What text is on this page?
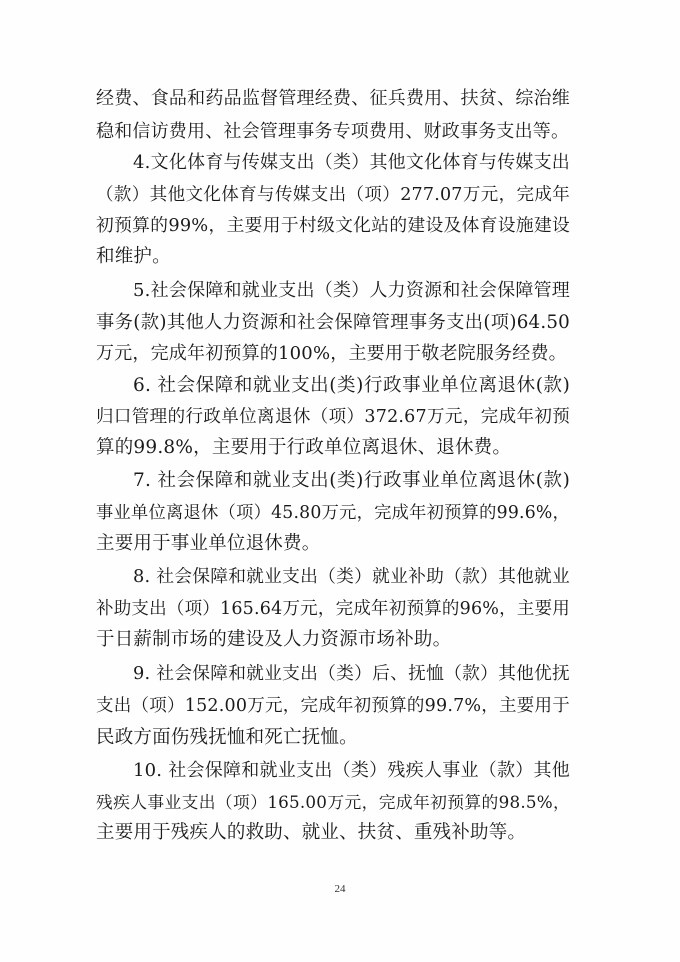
经费、食品和药品监督管理经费、征兵费用、扶贫、综治维
稳和信访费用、社会管理事务专项费用、财政事务支出等。
4.文化体育与传媒支出（类）其他文化体育与传媒支出
（款）其他文化体育与传媒支出（项）277.07万元，完成年
初预算的99%，主要用于村级文化站的建设及体育设施建设
和维护。
5.社会保障和就业支出（类）人力资源和社会保障管理
事务(款)其他人力资源和社会保障管理事务支出(项)64.50
万元，完成年初预算的100%，主要用于敬老院服务经费。
6. 社会保障和就业支出(类)行政事业单位离退休(款)
归口管理的行政单位离退休（项）372.67万元，完成年初预
算的99.8%，主要用于行政单位离退休、退休费。
7. 社会保障和就业支出(类)行政事业单位离退休(款)
事业单位离退休（项）45.80万元，完成年初预算的99.6%，
主要用于事业单位退休费。
8. 社会保障和就业支出（类）就业补助（款）其他就业
补助支出（项）165.64万元，完成年初预算的96%，主要用
于日薪制市场的建设及人力资源市场补助。
9. 社会保障和就业支出（类）后、抚恤（款）其他优抚
支出（项）152.00万元，完成年初预算的99.7%，主要用于
民政方面伤残抚恤和死亡抚恤。
10. 社会保障和就业支出（类）残疾人事业（款）其他
残疾人事业支出（项）165.00万元，完成年初预算的98.5%，
主要用于残疾人的救助、就业、扶贫、重残补助等。
24
